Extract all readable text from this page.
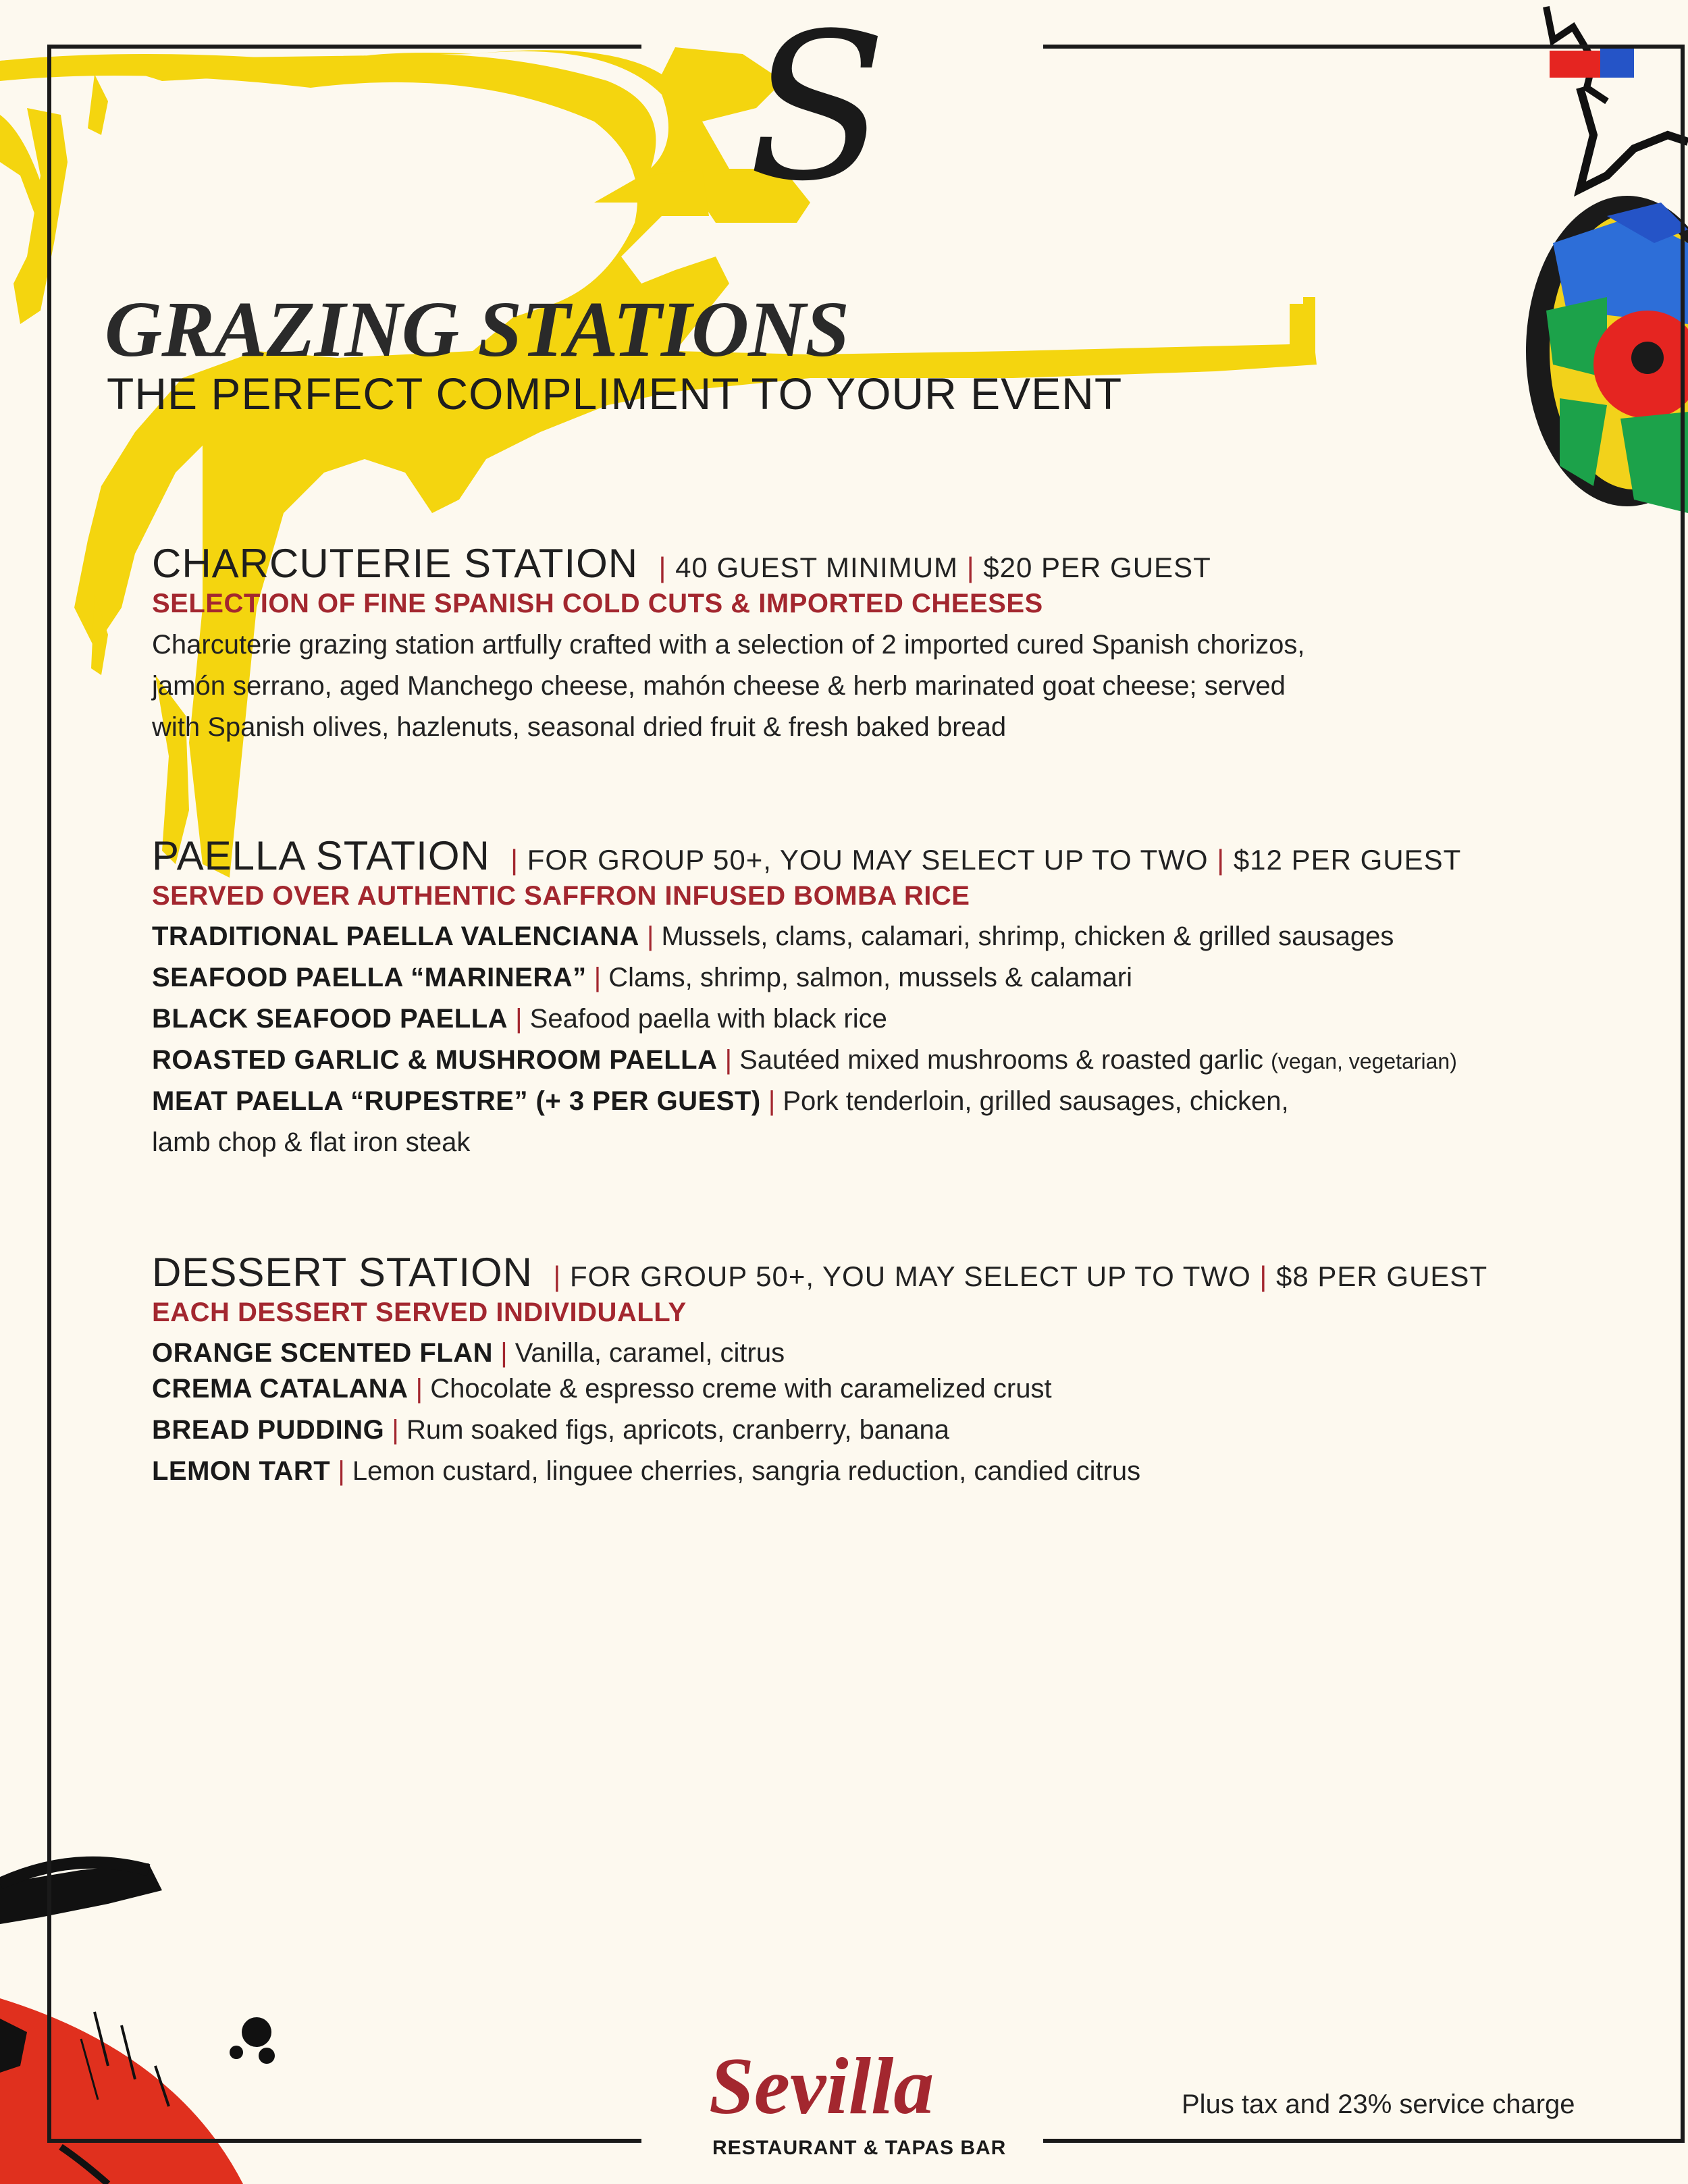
S
GRAZING STATIONS
THE PERFECT COMPLIMENT TO YOUR EVENT
CHARCUTERIE STATION | 40 GUEST MINIMUM | $20 PER GUEST
SELECTION OF FINE SPANISH COLD CUTS & IMPORTED CHEESES
Charcuterie grazing station artfully crafted with a selection of 2 imported cured Spanish chorizos,
jamón serrano, aged Manchego cheese, mahón cheese & herb marinated goat cheese; served
with Spanish olives, hazlenuts, seasonal dried fruit & fresh baked bread
PAELLA STATION | FOR GROUP 50+, YOU MAY SELECT UP TO TWO | $12 PER GUEST
SERVED OVER AUTHENTIC SAFFRON INFUSED BOMBA RICE
TRADITIONAL PAELLA VALENCIANA | Mussels, clams, calamari, shrimp, chicken & grilled sausages
SEAFOOD PAELLA “MARINERA” | Clams, shrimp, salmon, mussels & calamari
BLACK SEAFOOD PAELLA | Seafood paella with black rice
ROASTED GARLIC & MUSHROOM PAELLA | Sautéed mixed mushrooms & roasted garlic (vegan, vegetarian)
MEAT PAELLA “RUPESTRE” (+ 3 PER GUEST) | Pork tenderloin, grilled sausages, chicken,
lamb chop & flat iron steak
DESSERT STATION | FOR GROUP 50+, YOU MAY SELECT UP TO TWO | $8 PER GUEST
EACH DESSERT SERVED INDIVIDUALLY
ORANGE SCENTED FLAN | Vanilla, caramel, citrus
CREMA CATALANA | Chocolate & espresso creme with caramelized crust
BREAD PUDDING | Rum soaked figs, apricots, cranberry, banana
LEMON TART | Lemon custard, linguee cherries, sangria reduction, candied citrus
Sevilla
RESTAURANT & TAPAS BAR
Plus tax and 23% service charge
